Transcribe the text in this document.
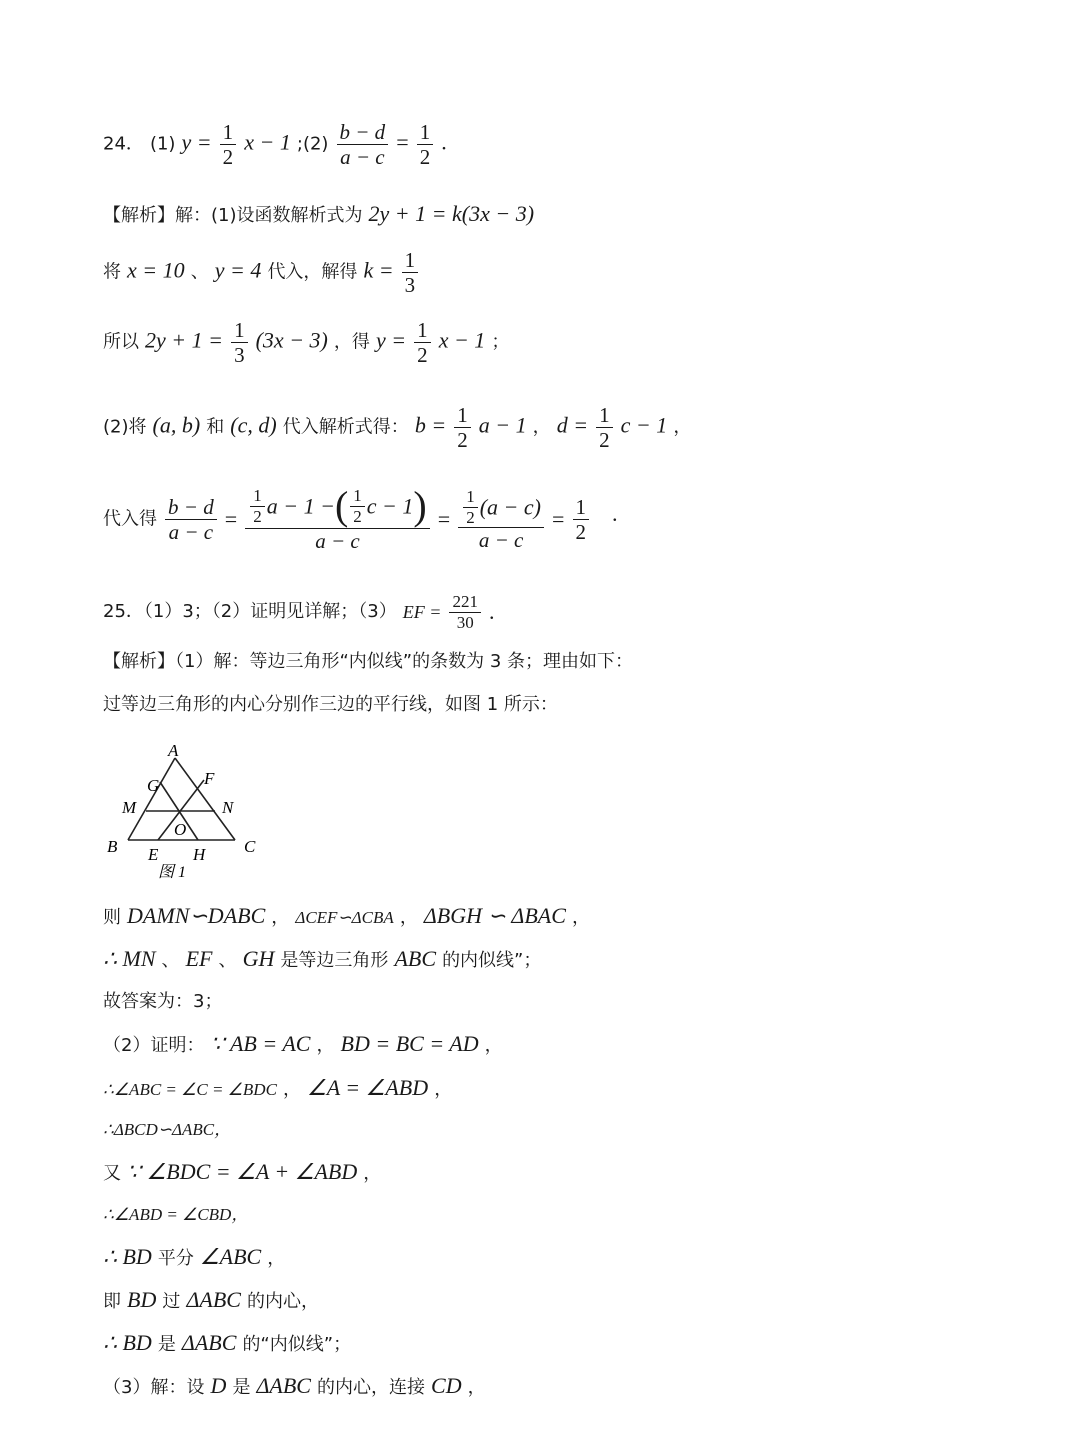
24． (1) $y = \frac{1}{2}$ x − 1 ;(2) $\frac{b - d}{a - c} = \frac{1}{2}$ .
【解析】解：(1)设函数解析式为 2y + 1 = k(3x − 3)
将 x = 10 、 y = 4 代入，解得 $k = \frac{1}{3}$
所以 $2y + 1 = \frac{1}{3} (3x - 3)$ ，得 $y = \frac{1}{2}$ x − 1 ；
(2)将 (a, b) 和 (c, d) 代入解析式得： $b = \frac{1}{2}$ a − 1 ， $d = \frac{1}{2}$ c − 1 ，
代入得 $\frac{b - d}{a - c} = \frac{\frac{1}{2} a - 1 -( \frac{1}{2} c - 1)}{a - c} = \frac{\frac{1}{2} (a - c)}{a - c} = \frac{1}{2}$ ·
25．（1）3；（2）证明见详解；（3） EF = $\frac{221}{30}$ .
【解析】（1）解：等边三角形“内似线”的条数为 3 条；理由如下：
过等边三角形的内心分别作三边的平行线，如图 1 所示：
A
G	F
M	N
O
B	C
E H
图 1
则 DAMN∽DABC ， ΔCEF∽ΔCBA ， ΔBGH ∽ ΔBAC ，
∴ MN 、 EF 、 GH 是等边三角形 ABC 的内似线”；
故答案为：3；
（2）证明： ∵ AB = AC ， BD = BC = AD ，
∴∠ABC = ∠C = ∠BDC ， ∠A = ∠ABD ，
∴ΔBCD∽ΔABC，
又 ∵ ∠BDC = ∠A + ∠ABD ，
∴∠ABD = ∠CBD，
∴ BD 平分 ∠ABC ，
即 BD 过 ΔABC 的内心，
∴ BD 是 ΔABC 的“内似线”；
（3）解：设 D 是 ΔABC 的内心，连接 CD ，
